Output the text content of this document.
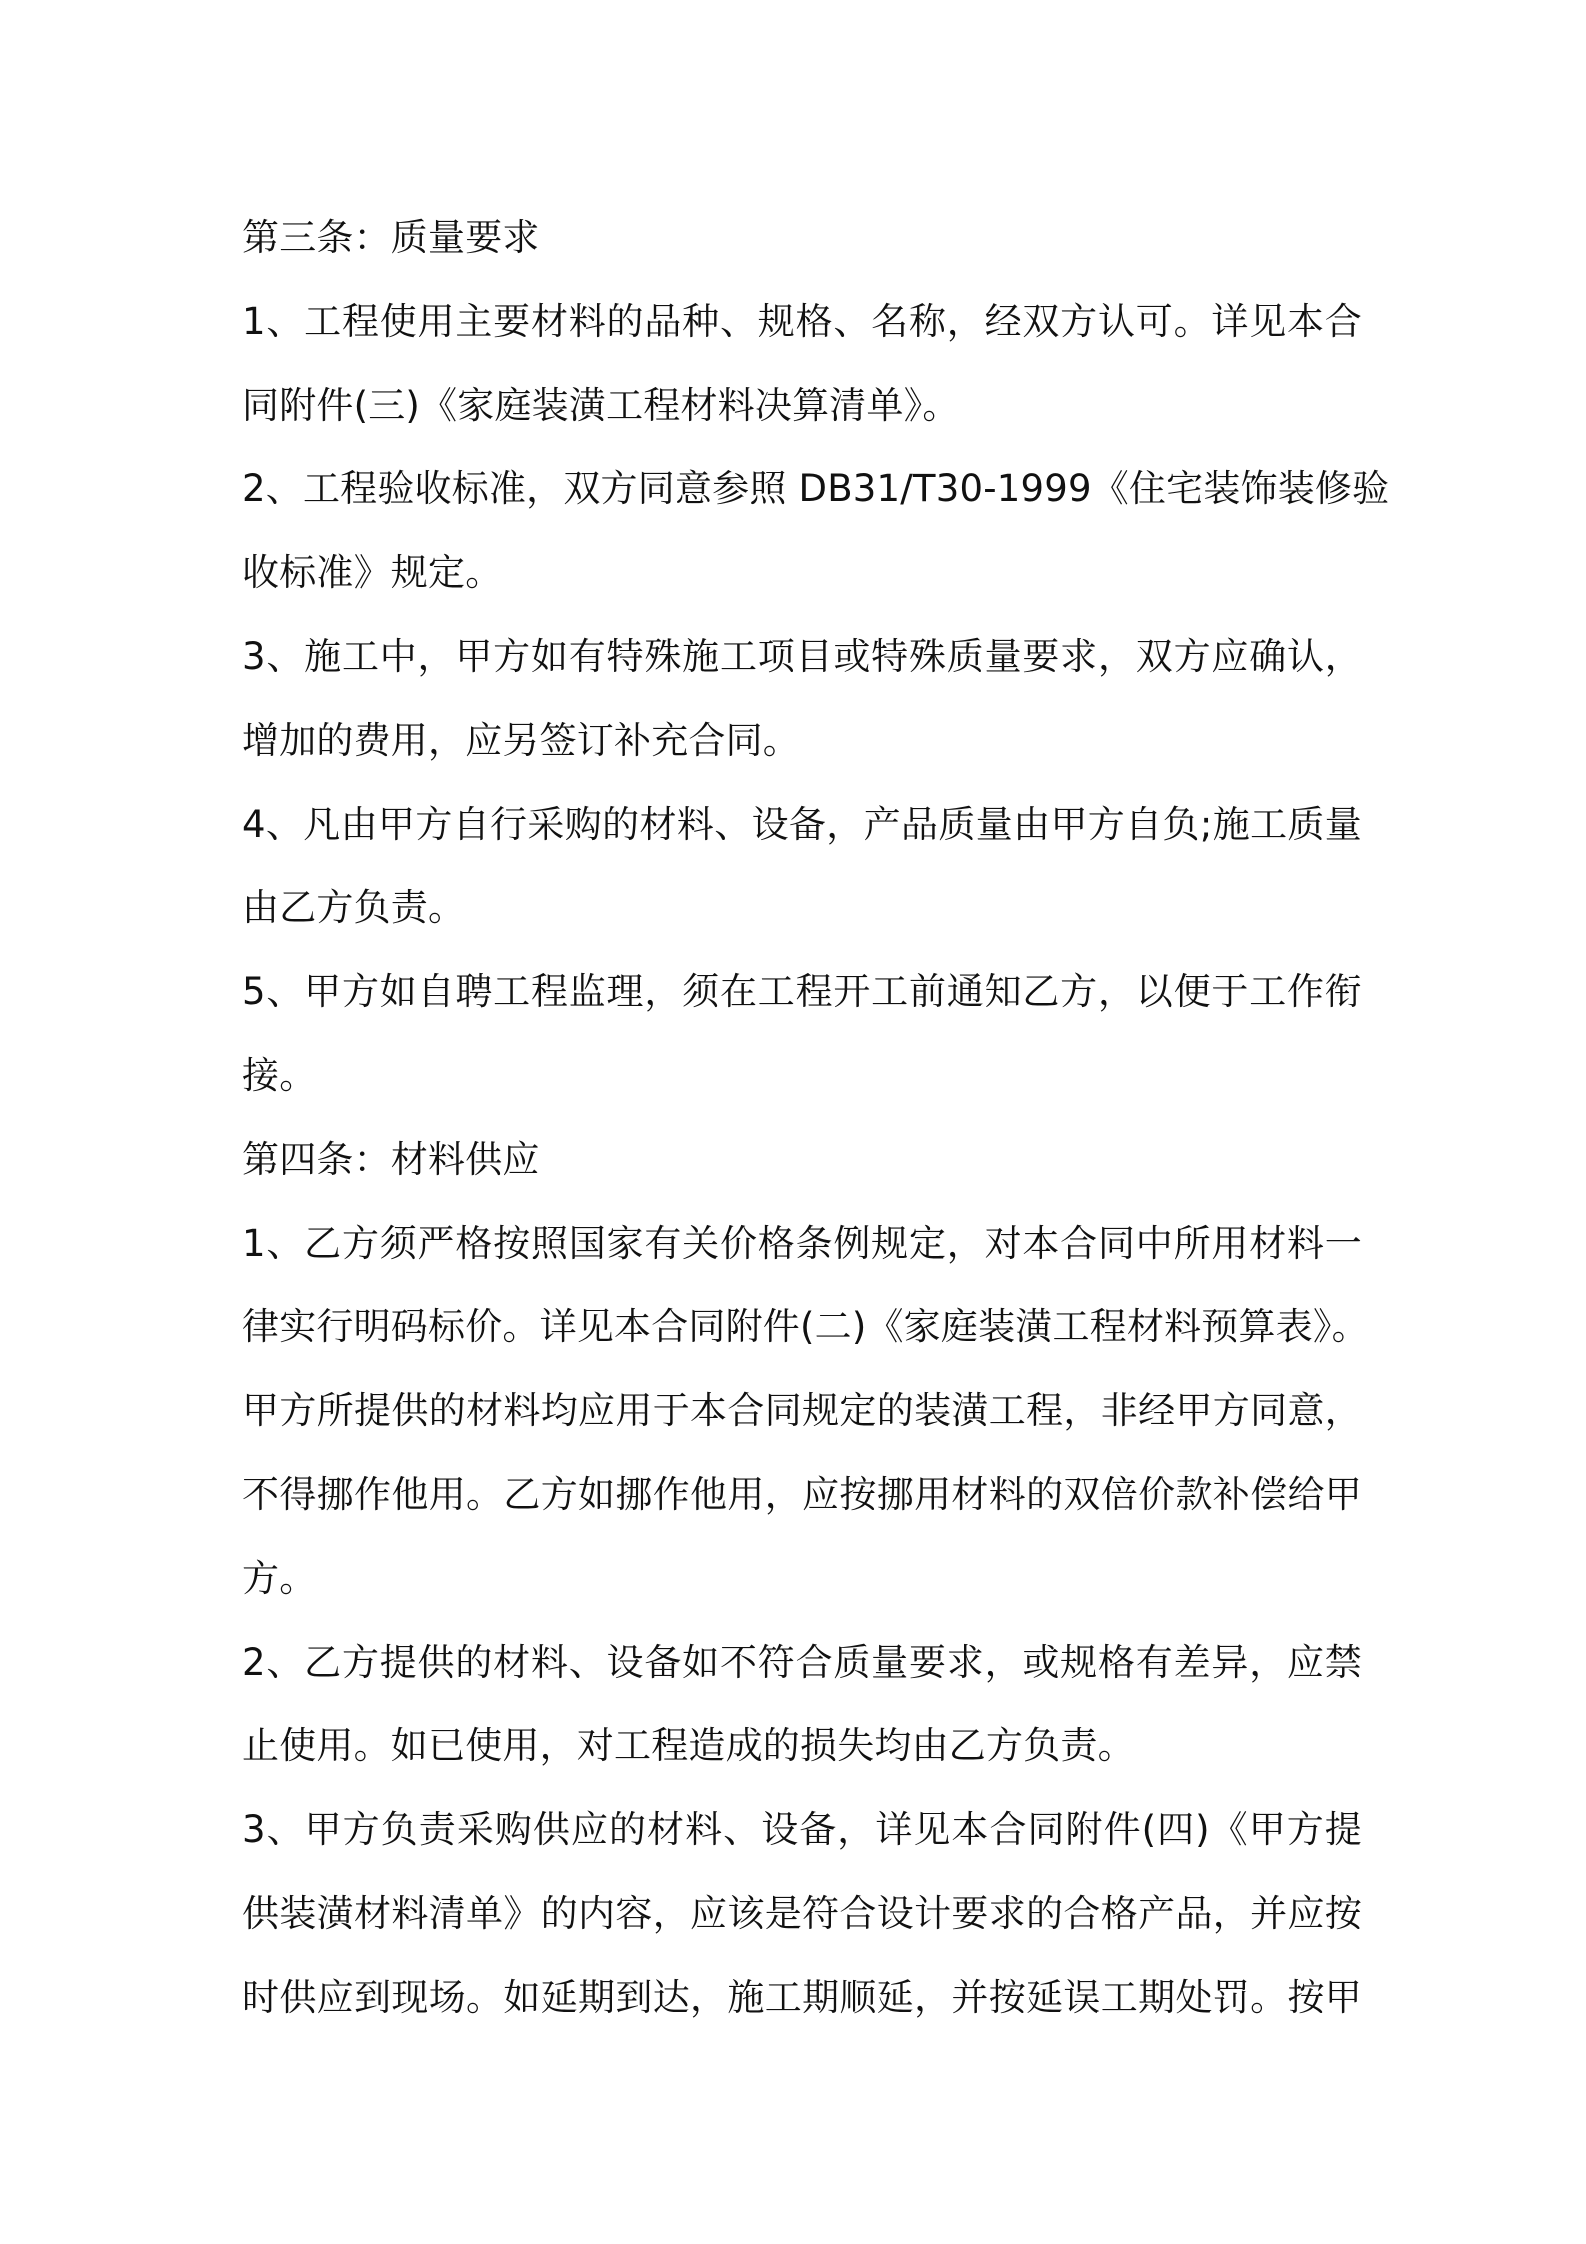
第三条：质量要求
1、工程使用主要材料的品种、规格、名称，经双方认可。详见本合
同附件(三)《家庭装潢工程材料决算清单》。
2、工程验收标准，双方同意参照 DB31/T30-1999《住宅装饰装修验
收标准》规定。
3、施工中，甲方如有特殊施工项目或特殊质量要求，双方应确认，
增加的费用，应另签订补充合同。
4、凡由甲方自行采购的材料、设备，产品质量由甲方自负;施工质量
由乙方负责。
5、甲方如自聘工程监理，须在工程开工前通知乙方，以便于工作衔
接。
第四条：材料供应
1、乙方须严格按照国家有关价格条例规定，对本合同中所用材料一
律实行明码标价。详见本合同附件(二)《家庭装潢工程材料预算表》。
甲方所提供的材料均应用于本合同规定的装潢工程，非经甲方同意，
不得挪作他用。乙方如挪作他用，应按挪用材料的双倍价款补偿给甲
方。
2、乙方提供的材料、设备如不符合质量要求，或规格有差异，应禁
止使用。如已使用，对工程造成的损失均由乙方负责。
3、甲方负责采购供应的材料、设备，详见本合同附件(四)《甲方提
供装潢材料清单》的内容，应该是符合设计要求的合格产品，并应按
时供应到现场。如延期到达，施工期顺延，并按延误工期处罚。按甲
